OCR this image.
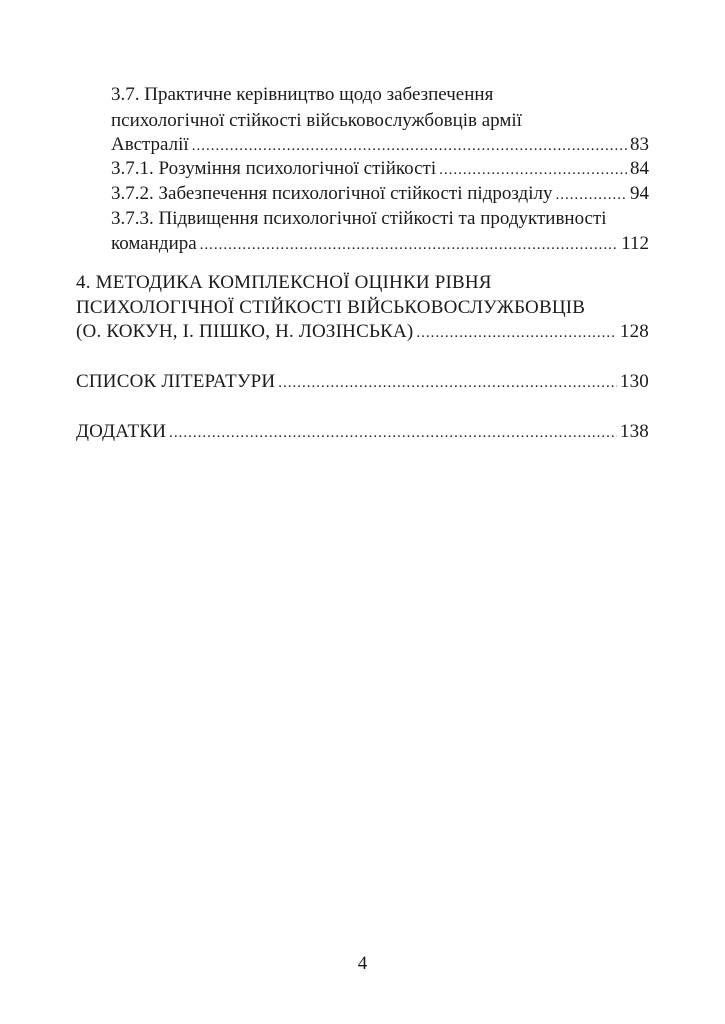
3.7. Практичне керівництво щодо забезпечення
психологічної стійкості військовослужбовців армії
Австралії .....	83
3.7.1. Розуміння психологічної стійкості .....	84
3.7.2. Забезпечення психологічної стійкості підрозділу .....	94
3.7.3. Підвищення психологічної стійкості та продуктивності
командира .....	112
4. МЕТОДИКА КОМПЛЕКСНОЇ ОЦІНКИ РІВНЯ
ПСИХОЛОГІЧНОЇ СТІЙКОСТІ ВІЙСЬКОВОСЛУЖБОВЦІВ
(О. КОКУН, І. ПІШКО, Н. ЛОЗІНСЬКА) .....	128
СПИСОК ЛІТЕРАТУРИ .....	130
ДОДАТКИ .....	138
4
